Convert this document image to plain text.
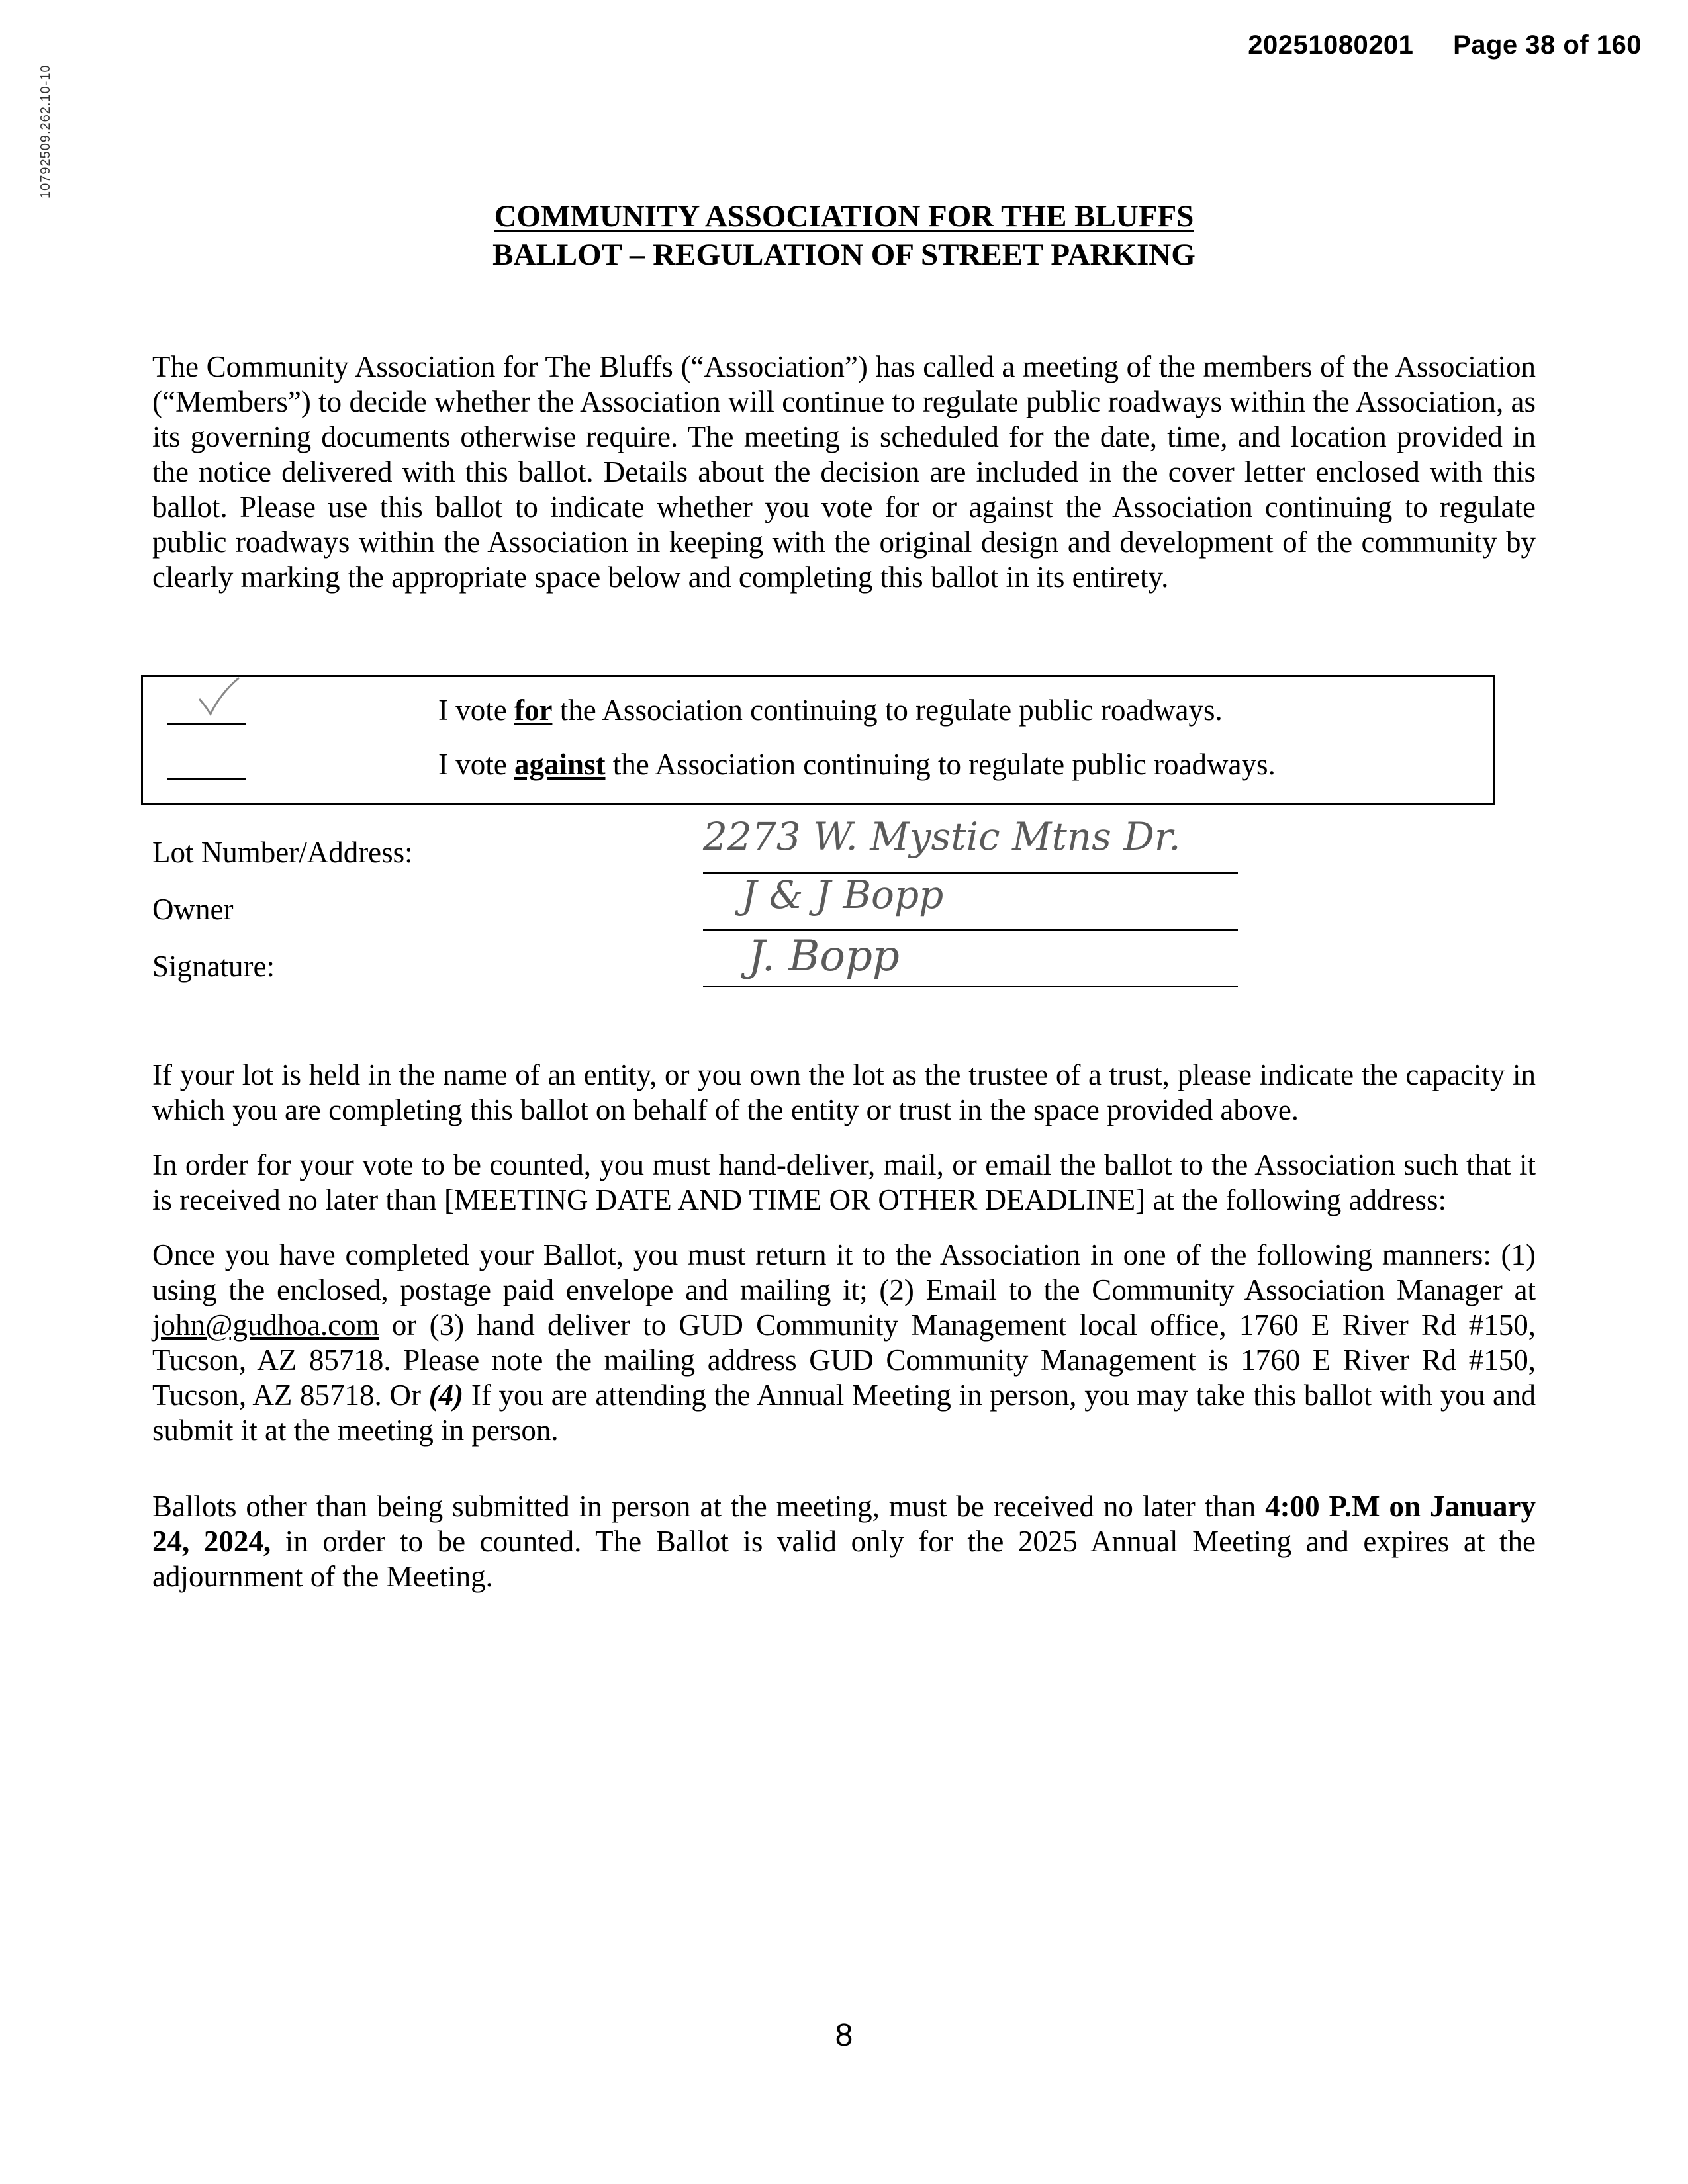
20251080201 Page 38 of 160
10792509.262.10-10
COMMUNITY ASSOCIATION FOR THE BLUFFS
BALLOT – REGULATION OF STREET PARKING
The Community Association for The Bluffs (“Association”) has called a meeting of the members of the Association (“Members”) to decide whether the Association will continue to regulate public roadways within the Association, as its governing documents otherwise require. The meeting is scheduled for the date, time, and location provided in the notice delivered with this ballot. Details about the decision are included in the cover letter enclosed with this ballot. Please use this ballot to indicate whether you vote for or against the Association continuing to regulate public roadways within the Association in keeping with the original design and development of the community by clearly marking the appropriate space below and completing this ballot in its entirety.
I vote for the Association continuing to regulate public roadways.
I vote against the Association continuing to regulate public roadways.
Lot Number/Address:	2273 W. Mystic Mtns Dr.
Owner	J & J Bopp
Signature:	J. Bopp
If your lot is held in the name of an entity, or you own the lot as the trustee of a trust, please indicate the capacity in which you are completing this ballot on behalf of the entity or trust in the space provided above.
In order for your vote to be counted, you must hand-deliver, mail, or email the ballot to the Association such that it is received no later than [MEETING DATE AND TIME OR OTHER DEADLINE] at the following address:
Once you have completed your Ballot, you must return it to the Association in one of the following manners: (1) using the enclosed, postage paid envelope and mailing it; (2) Email to the Community Association Manager at john@gudhoa.com or (3) hand deliver to GUD Community Management local office, 1760 E River Rd #150, Tucson, AZ 85718. Please note the mailing address GUD Community Management is 1760 E River Rd #150, Tucson, AZ 85718. Or (4) If you are attending the Annual Meeting in person, you may take this ballot with you and submit it at the meeting in person.
Ballots other than being submitted in person at the meeting, must be received no later than 4:00 P.M on January 24, 2024, in order to be counted. The Ballot is valid only for the 2025 Annual Meeting and expires at the adjournment of the Meeting.
8
